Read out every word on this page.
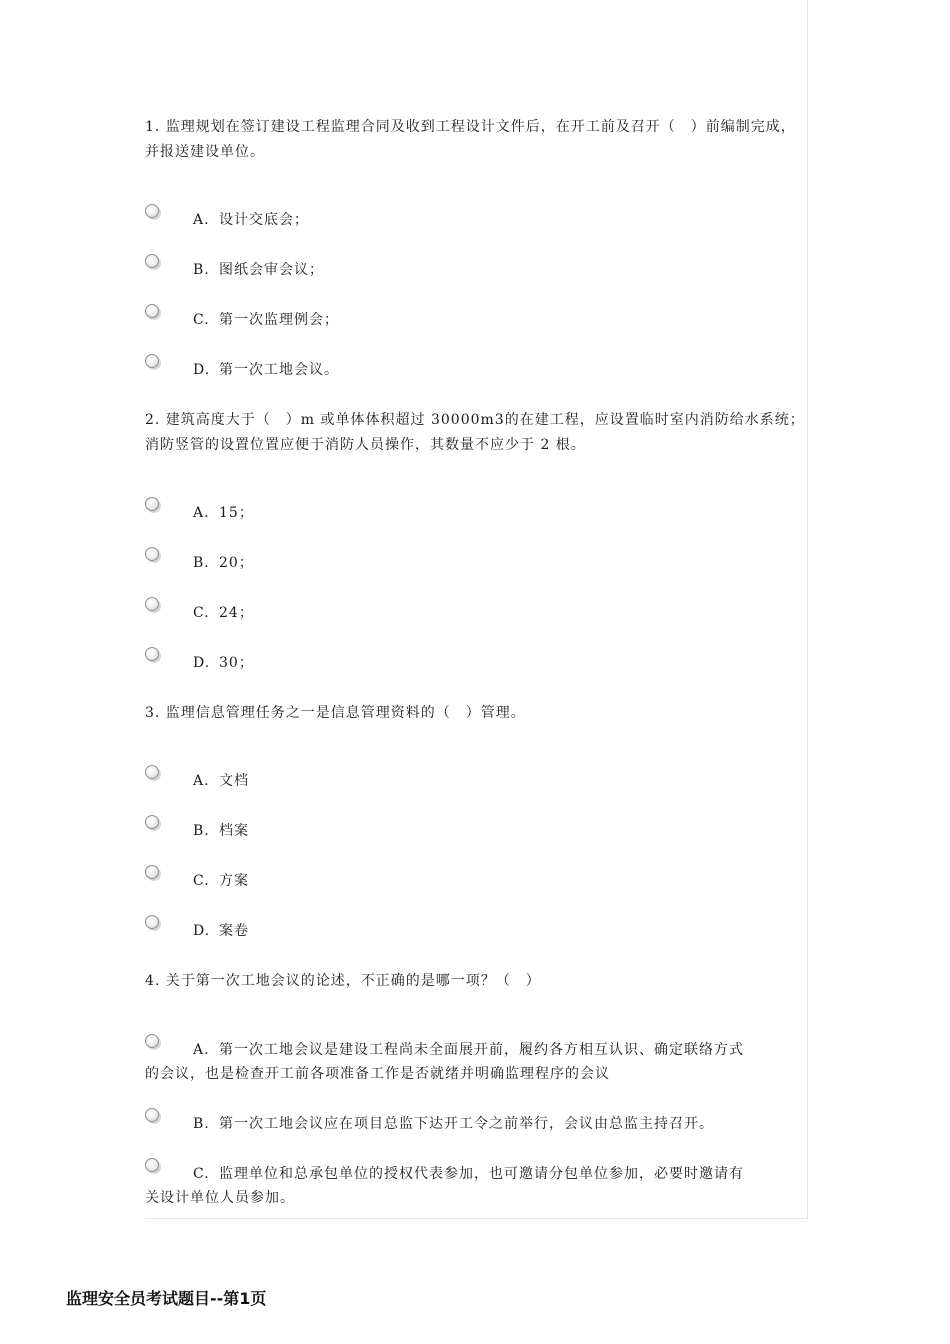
1. 监理规划在签订建设工程监理合同及收到工程设计文件后，在开工前及召开（　）前编制完成，并报送建设单位。

A. 设计交底会；
B. 图纸会审会议；
C. 第一次监理例会；
D. 第一次工地会议。

2. 建筑高度大于（　）m 或单体体积超过 30000m3的在建工程，应设置临时室内消防给水系统；消防竖管的设置位置应便于消防人员操作，其数量不应少于 2 根。

A. 15；
B. 20；
C. 24；
D. 30；

3. 监理信息管理任务之一是信息管理资料的（　）管理。

A. 文档
B. 档案
C. 方案
D. 案卷

4. 关于第一次工地会议的论述，不正确的是哪一项？（　）

A. 第一次工地会议是建设工程尚未全面展开前，履约各方相互认识、确定联络方式
的会议，也是检查开工前各项准备工作是否就绪并明确监理程序的会议
B. 第一次工地会议应在项目总监下达开工令之前举行，会议由总监主持召开。
C. 监理单位和总承包单位的授权代表参加，也可邀请分包单位参加，必要时邀请有
关设计单位人员参加。
监理安全员考试题目--第1页
